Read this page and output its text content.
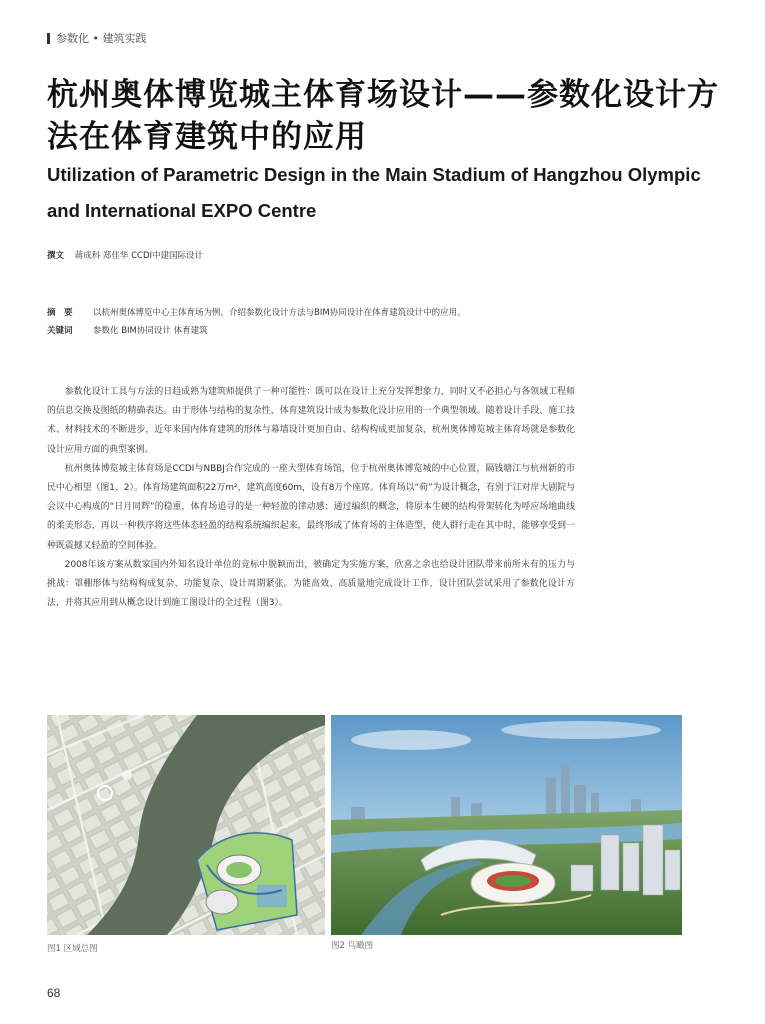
参数化 • 建筑实践
杭州奥体博览城主体育场设计——参数化设计方法在体育建筑中的应用
Utilization of Parametric Design in the Main Stadium of Hangzhou Olympic and International EXPO Centre
撰文 蒋成科 郑佳华 CCDI中建国际设计
摘　要	以杭州奥体博览中心主体育场为例，介绍参数化设计方法与BIM协同设计在体育建筑设计中的应用。
关键词	参数化 BIM协同设计 体育建筑

参数化设计工具与方法的日趋成熟为建筑师提供了一种可能性：既可以在设计上充分发挥想象力，同时又不必担心与各领域工程师的信息交换及图纸的精确表达。由于形体与结构的复杂性，体育建筑设计成为参数化设计应用的一个典型领域。随着设计手段、施工技术、材料技术的不断进步，近年来国内体育建筑的形体与幕墙设计更加自由、结构构成更加复杂，杭州奥体博览城主体育场就是参数化设计应用方面的典型案例。

杭州奥体博览城主体育场是CCDI与NBBJ合作完成的一座大型体育场馆，位于杭州奥体博览城的中心位置，隔钱塘江与杭州新的市民中心相望（图1、2）。体育场建筑面积22万m²，建筑高度60m，设有8万个座席。体育场以“荷”为设计概念，有别于江对岸大剧院与会议中心构成的“日月同辉”的稳重，体育场追寻的是一种轻盈的律动感；通过编织的概念，将原本生硬的结构骨架转化为呼应场地曲线的柔美形态，再以一种秩序将这些体态轻盈的结构系统编织起来，最终形成了体育场的主体造型，使人群行走在其中时，能够享受到一种既震撼又轻盈的空间体验。

2008年该方案从数家国内外知名设计单位的竞标中脱颖而出，被确定为实施方案，欣喜之余也给设计团队带来前所未有的压力与挑战：罩棚形体与结构构成复杂、功能复杂、设计周期紧张。为能高效、高质量地完成设计工作，设计团队尝试采用了参数化设计方法，并将其应用到从概念设计到施工图设计的全过程（图3）。

图1 区域总图	图2 鸟瞰图
68
